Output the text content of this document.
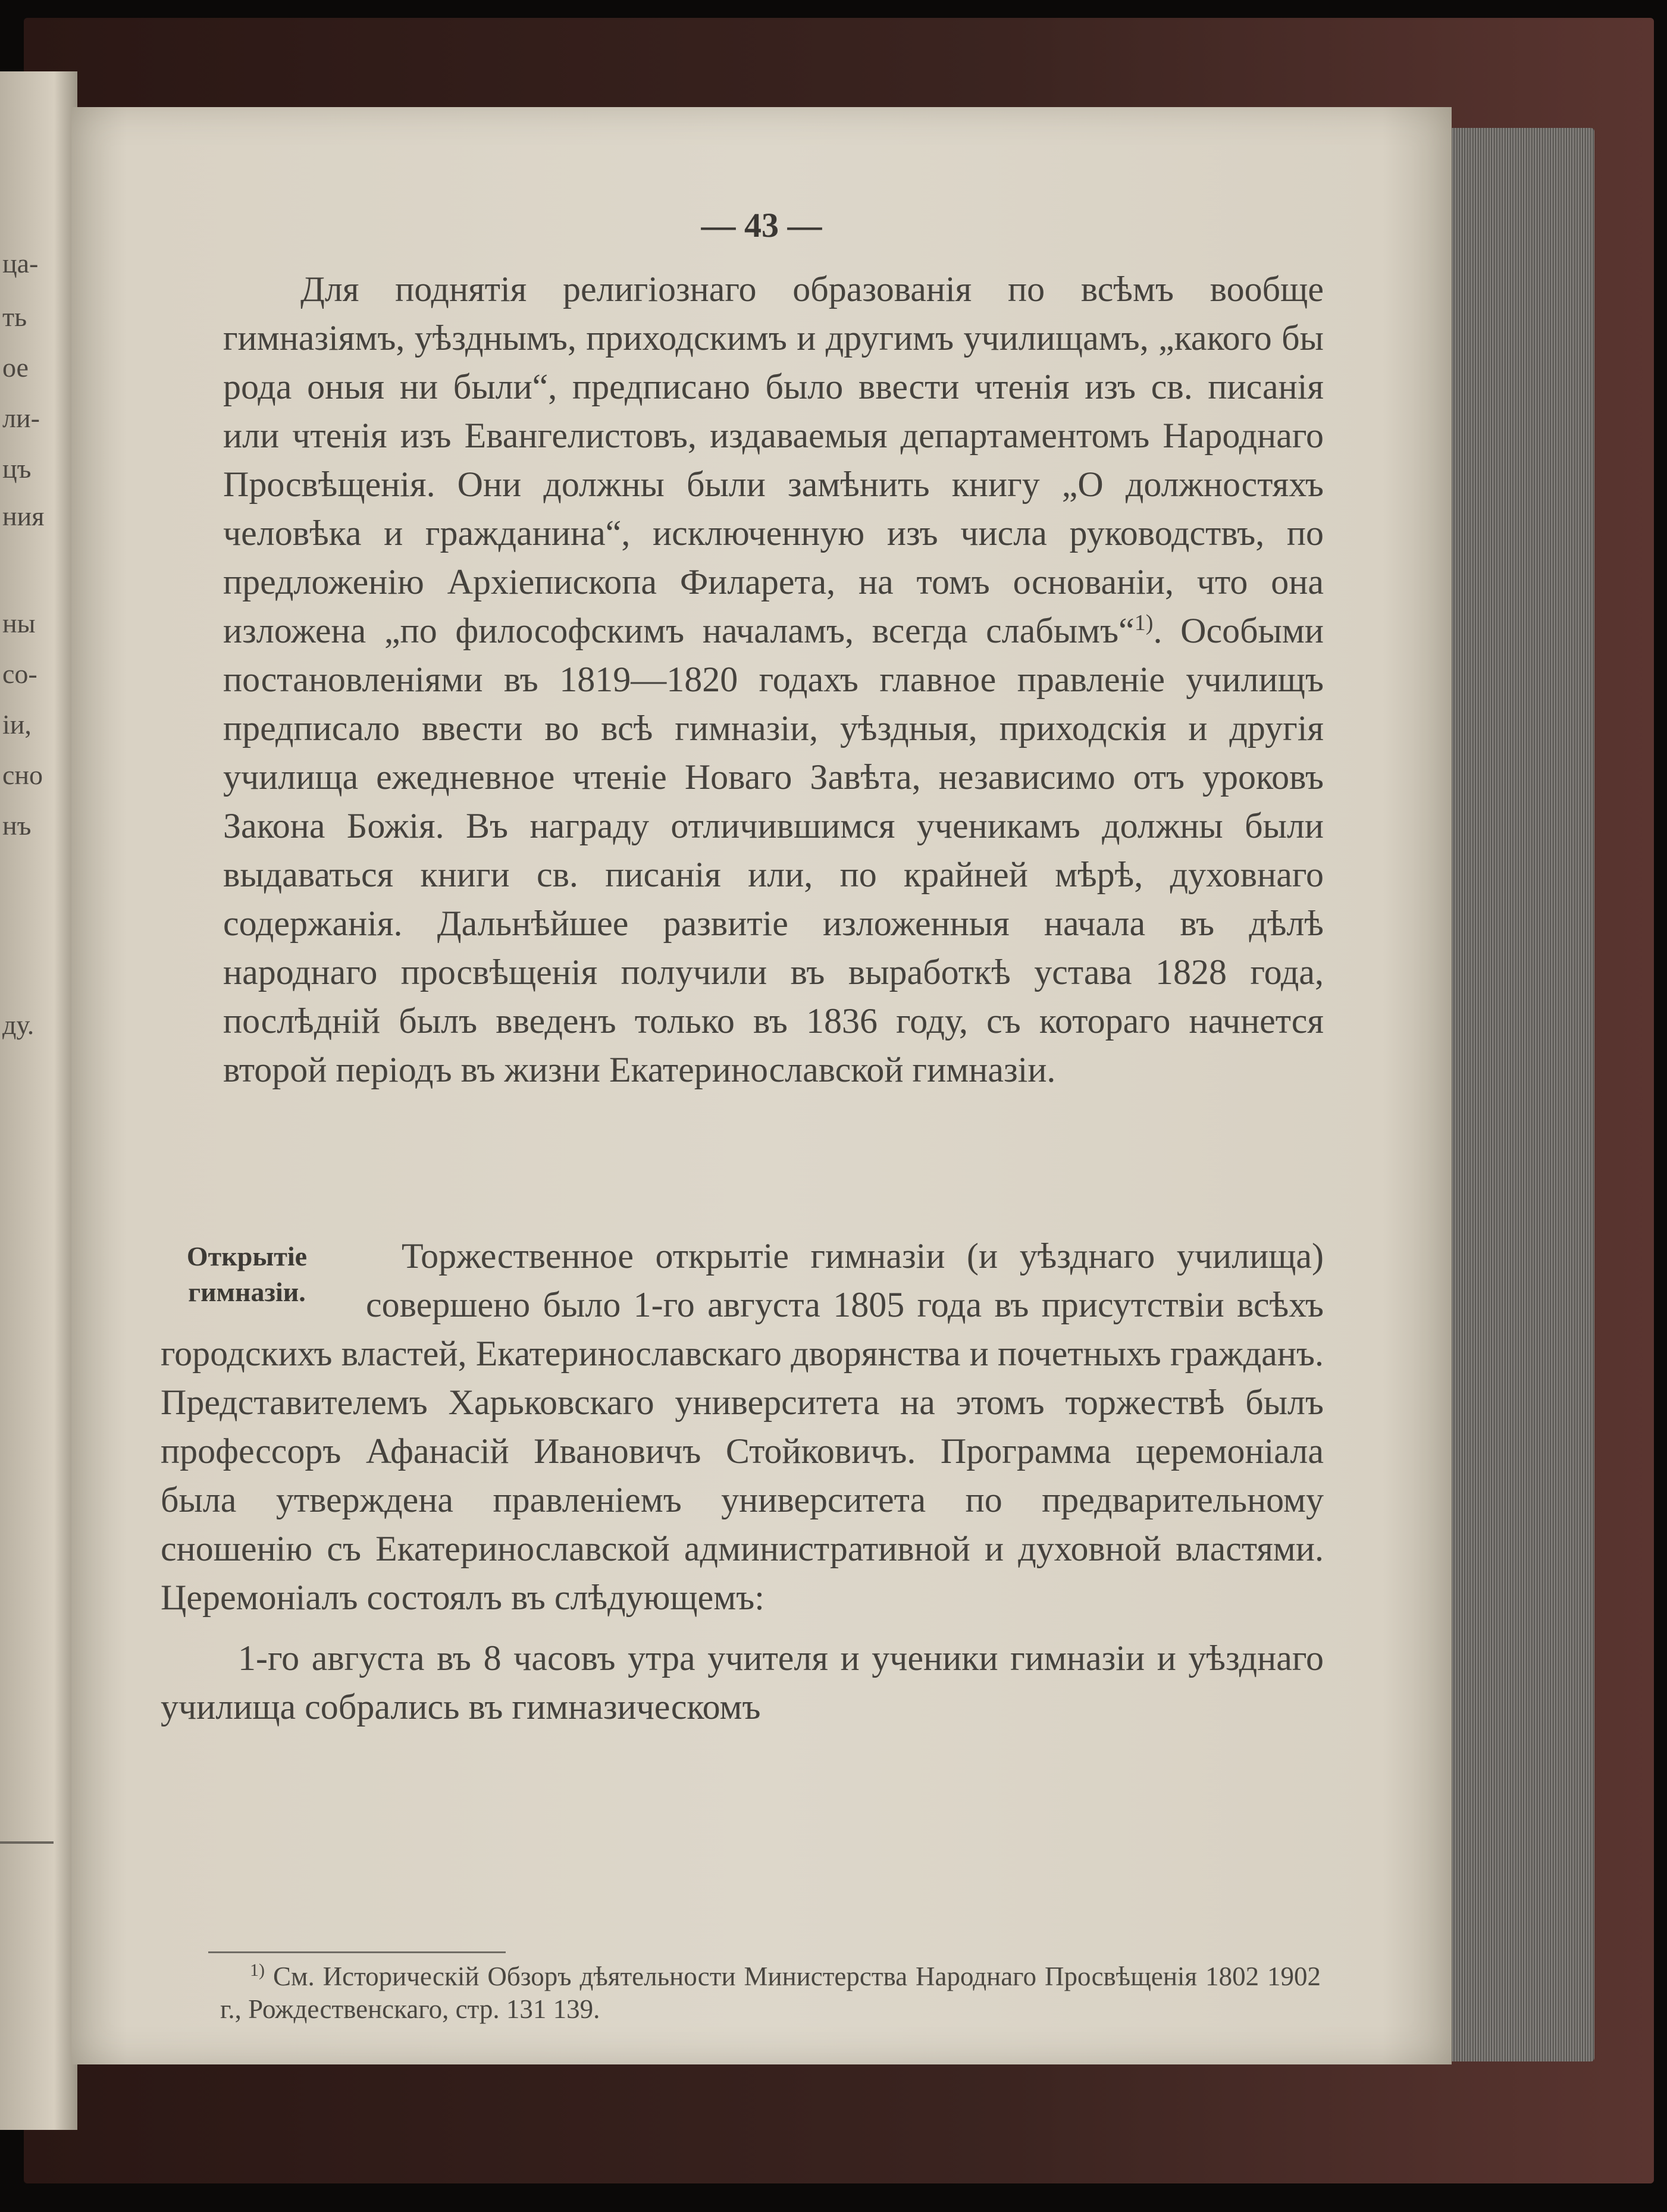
ца-
ть
ое
ли-
цъ
ния
ны
со-
iи,
сно
нъ
ду.
— 43 —

Для поднятія религіознаго образованія по всѣмъ вообще гимназіямъ, уѣзднымъ, приходскимъ и другимъ училищамъ, „какого бы рода оныя ни были“, предписано было ввести чтенія изъ св. писанія или чтенія изъ Евангелистовъ, издаваемыя департаментомъ Народнаго Просвѣщенія. Они должны были замѣнить книгу „О должностяхъ человѣка и гражданина“, исключенную изъ числа руководствъ, по предложенію Архіепископа Филарета, на томъ основаніи, что она изложена „по философскимъ началамъ, всегда слабымъ“$^{1)}$. Особыми постановленіями въ 1819—1820 годахъ главное правленіе училищъ предписало ввести во всѣ гимназіи, уѣздныя, приходскія и другія училища ежедневное чтеніе Новаго Завѣта, независимо отъ уроковъ Закона Божія. Въ награду отличившимся ученикамъ должны были выдаваться книги св. писанія или, по крайней мѣрѣ, духовнаго содержанія. Дальнѣйшее развитіе изложенныя начала въ дѣлѣ народнаго просвѣщенія получили въ выработкѣ устава 1828 года, послѣдній былъ введенъ только въ 1836 году, съ котораго начнется второй періодъ въ жизни Екатеринославской гимназіи.

Открытіе гимназіи.

Торжественное открытіе гимназіи (и уѣзднаго училища) совершено было 1-го августа 1805 года въ присутствіи всѣхъ городскихъ властей, Екатеринославскаго дворянства и почетныхъ гражданъ. Представителемъ Харьковскаго университета на этомъ торжествѣ былъ профессоръ Афанасій Ивановичъ Стойковичъ. Программа церемоніала была утверждена правленіемъ университета по предварительному сношенію съ Екатеринославской административной и духовной властями. Церемоніалъ состоялъ въ слѣдующемъ:

1-го августа въ 8 часовъ утра учителя и ученики гимназіи и уѣзднаго училища собрались въ гимназическомъ

$^{1)}$ См. Историческій Обзоръ дѣятельности Министерства Народнаго Просвѣщенія 1802 1902 г., Рождественскаго, стр. 131 139.
